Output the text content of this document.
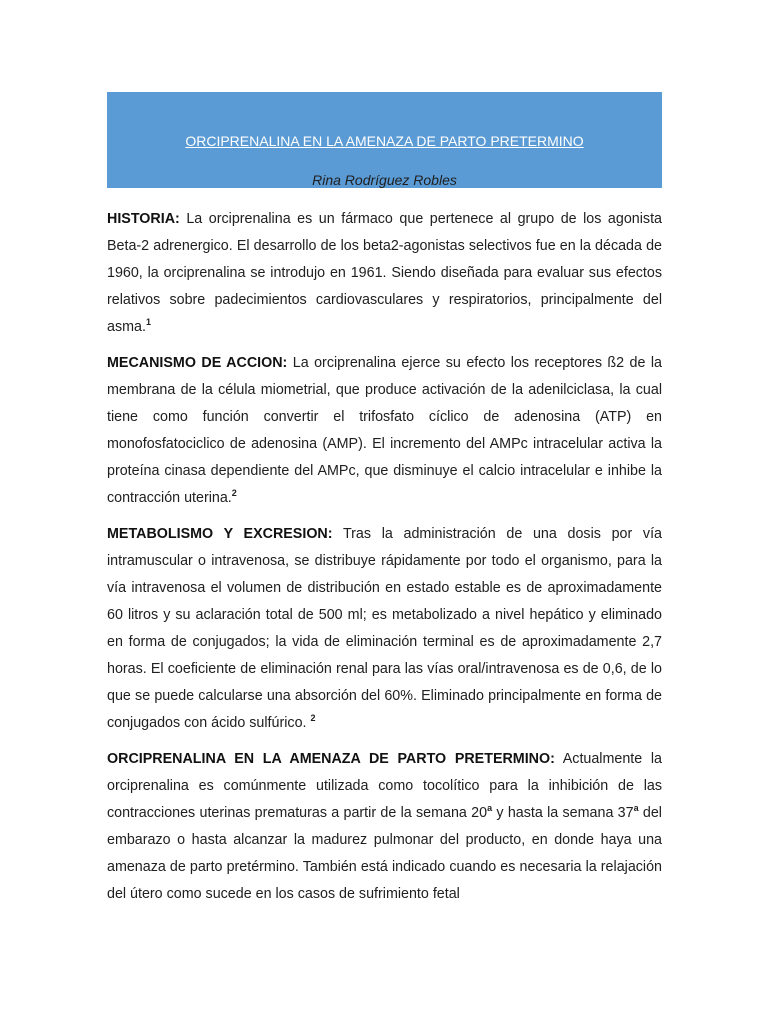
ORCIPRENALINA EN LA AMENAZA DE PARTO PRETERMINO

Rina Rodríguez Robles

HISTORIA: La orciprenalina es un fármaco que pertenece al grupo de los agonista Beta-2 adrenergico. El desarrollo de los beta2-agonistas selectivos fue en la década de 1960, la orciprenalina se introdujo en 1961. Siendo diseñada para evaluar sus efectos relativos sobre padecimientos cardiovasculares y respiratorios, principalmente del asma.$^1$

MECANISMO DE ACCION: La orciprenalina ejerce su efecto los receptores ß2 de la membrana de la célula miometrial, que produce activación de la adenilciclasa, la cual tiene como función convertir el trifosfato cíclico de adenosina (ATP) en monofosfatociclico de adenosina (AMP). El incremento del AMPc intracelular activa la proteína cinasa dependiente del AMPc, que disminuye el calcio intracelular e inhibe la contracción uterina.$^2$

METABOLISMO Y EXCRESION: Tras la administración de una dosis por vía intramuscular o intravenosa, se distribuye rápidamente por todo el organismo, para la vía intravenosa el volumen de distribución en estado estable es de aproximadamente 60 litros y su aclaración total de 500 ml; es metabolizado a nivel hepático y eliminado en forma de conjugados; la vida de eliminación terminal es de aproximadamente 2,7 horas. El coeficiente de eliminación renal para las vías oral/intravenosa es de 0,6, de lo que se puede calcularse una absorción del 60%. Eliminado principalmente en forma de conjugados con ácido sulfúrico. $^2$

ORCIPRENALINA EN LA AMENAZA DE PARTO PRETERMINO: Actualmente la orciprenalina es comúnmente utilizada como tocolítico para la inhibición de las contracciones uterinas prematuras a partir de la semana 20$^a$ y hasta la semana 37$^a$ del embarazo o hasta alcanzar la madurez pulmonar del producto, en donde haya una amenaza de parto pretérmino. También está indicado cuando es necesaria la relajación del útero como sucede en los casos de sufrimiento fetal
